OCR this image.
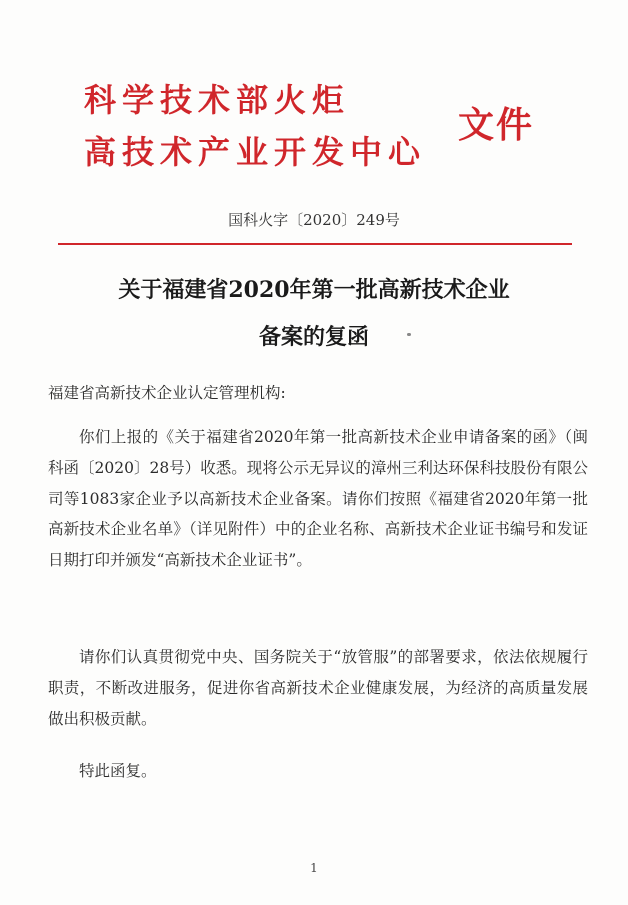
科学技术部火炬
高技术产业开发中心
文件
国科火字〔2020〕249号
关于福建省2020年第一批高新技术企业
备案的复函
福建省高新技术企业认定管理机构:
你们上报的《关于福建省2020年第一批高新技术企业申请备案的函》（闽科函〔2020〕28号）收悉。现将公示无异议的漳州三利达环保科技股份有限公司等1083家企业予以高新技术企业备案。请你们按照《福建省2020年第一批高新技术企业名单》（详见附件）中的企业名称、高新技术企业证书编号和发证日期打印并颁发“高新技术企业证书”。
请你们认真贯彻党中央、国务院关于“放管服”的部署要求，依法依规履行职责，不断改进服务，促进你省高新技术企业健康发展，为经济的高质量发展做出积极贡献。
特此函复。
1
